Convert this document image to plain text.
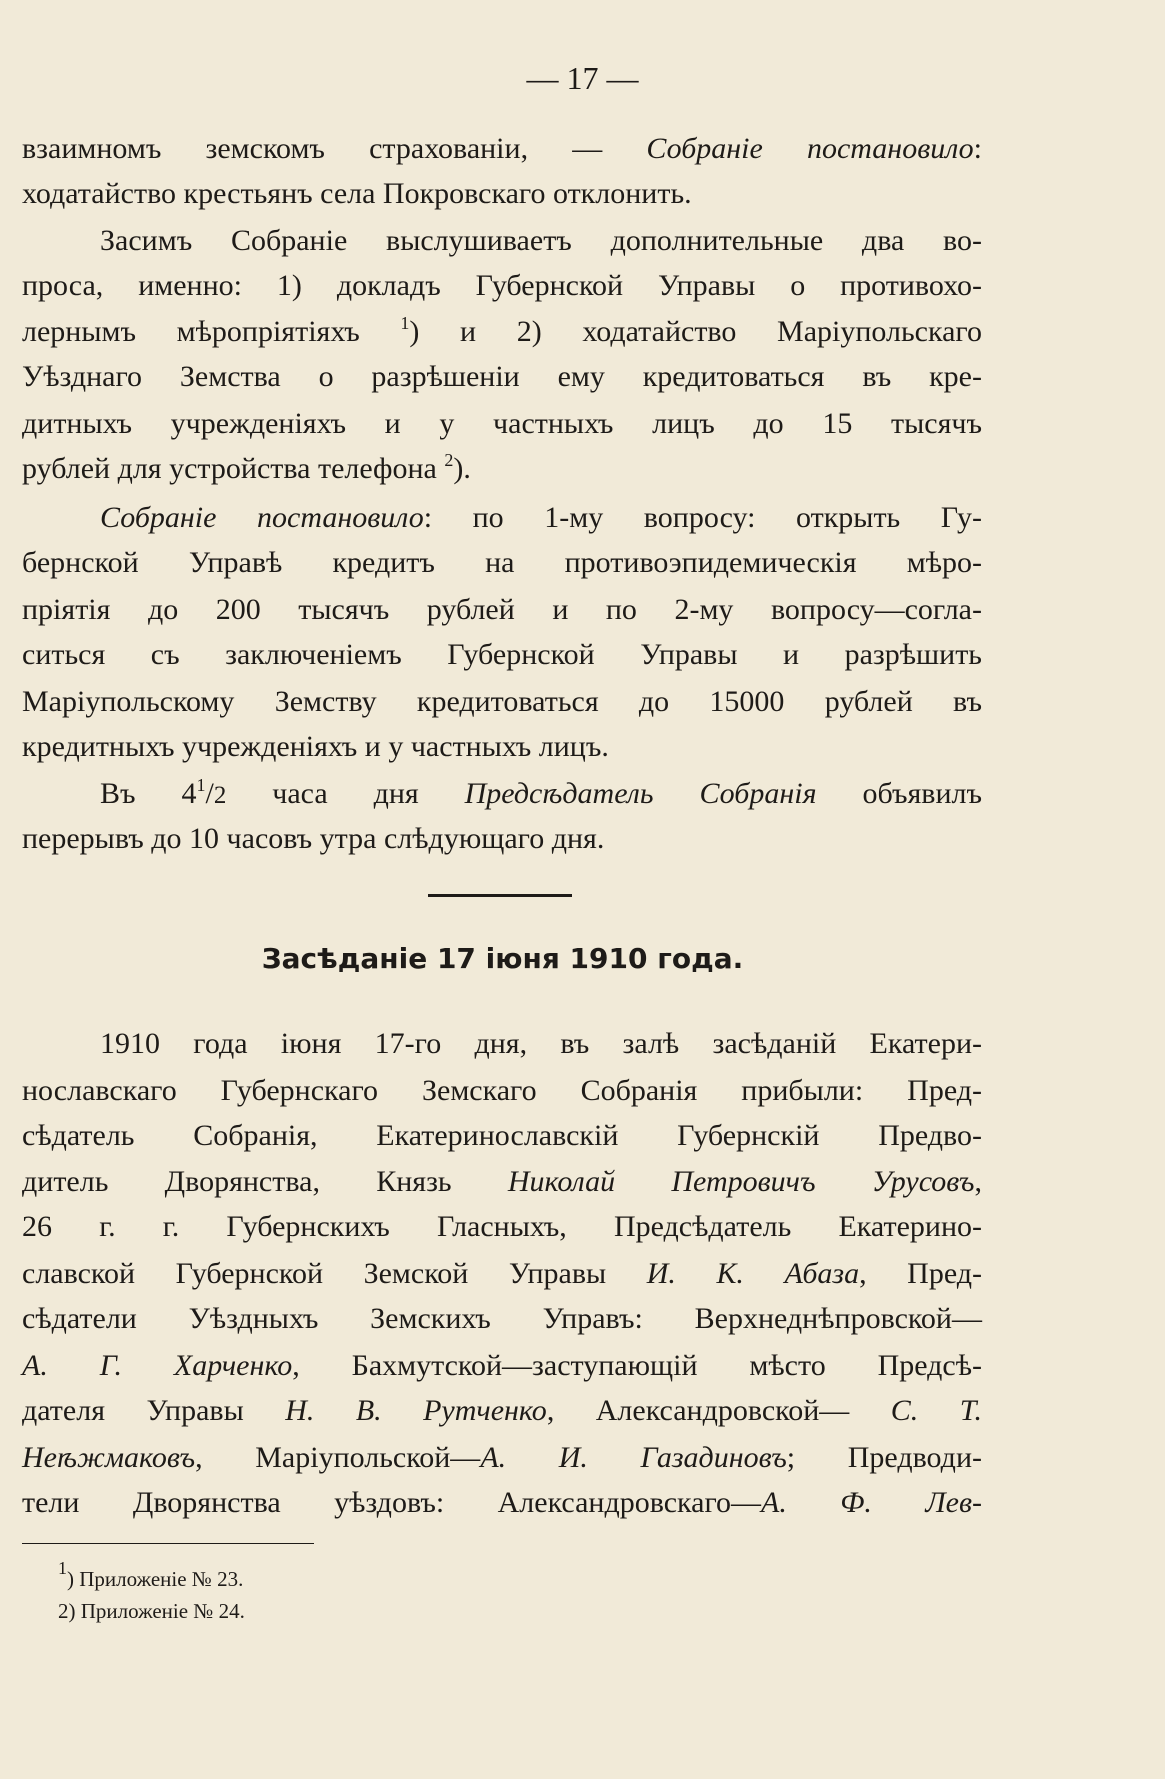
— 17 —
взаимномъ земскомъ страхованіи, — Собраніе постановило:
ходатайство крестьянъ села Покровскаго отклонить.
Засимъ Собраніе выслушиваетъ дополнительные два во-
проса, именно: 1) докладъ Губернской Управы о противохо-
лернымъ мѣропріятіяхъ $^1$) и 2) ходатайство Маріупольскаго
Уѣзднаго Земства о разрѣшеніи ему кредитоваться въ кре-
дитныхъ учрежденіяхъ и у частныхъ лицъ до 15 тысячъ
рублей для устройства телефона $^2$).
Собраніе постановило: по 1-му вопросу: открыть Гу-
бернской Управѣ кредитъ на противоэпидемическія мѣро-
пріятія до 200 тысячъ рублей и по 2-му вопросу—согла-
ситься съ заключеніемъ Губернской Управы и разрѣшить
Маріупольскому Земству кредитоваться до 15000 рублей въ
кредитныхъ учрежденіяхъ и у частныхъ лицъ.
Въ $4^1/2$ часа дня Предсѣдатель Собранія объявилъ
перерывъ до 10 часовъ утра слѣдующаго дня.
Засѣданіе 17 іюня 1910 года.
1910 года іюня 17-го дня, въ залѣ засѣданій Екатери-
нославскаго Губернскаго Земскаго Собранія прибыли: Пред-
сѣдатель Собранія, Екатеринославскій Губернскій Предво-
дитель Дворянства, Князь Николай Петровичъ Урусовъ,
26 г. г. Губернскихъ Гласныхъ, Предсѣдатель Екатерино-
славской Губернской Земской Управы И. К. Абаза, Пред-
сѣдатели Уѣздныхъ Земскихъ Управъ: Верхнеднѣпровской—
А. Г. Харченко, Бахмутской—заступающій мѣсто Предсѣ-
дателя Управы Н. В. Рутченко, Александровской— С. Т.
Неѣжмаковъ, Маріупольской—А. И. Газадиновъ; Предводи-
тели Дворянства уѣздовъ: Александровскаго—А. Ф. Лев-
$^1$) Приложеніе № 23.
2) Приложеніе № 24.
